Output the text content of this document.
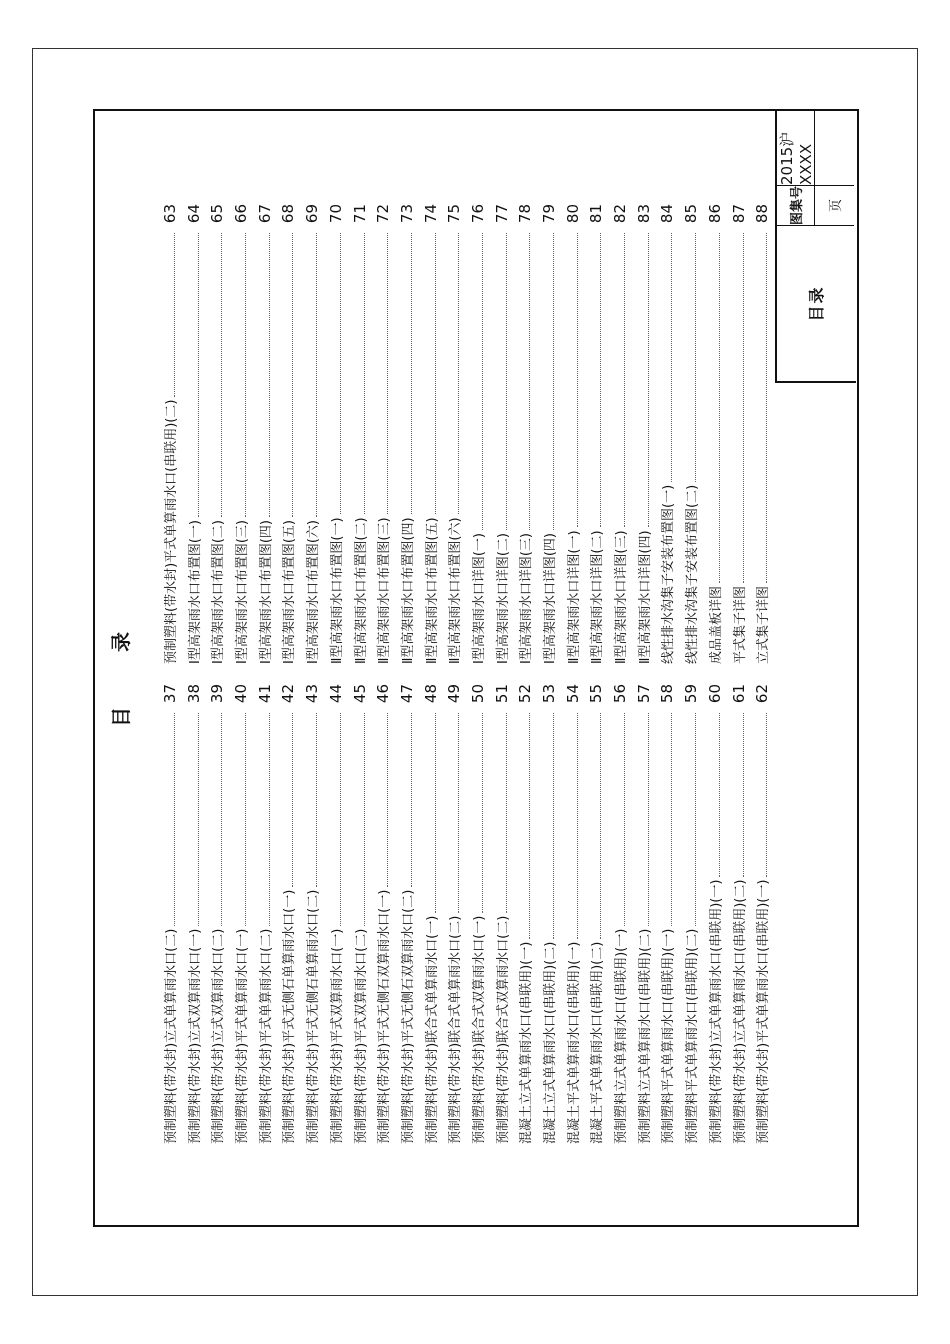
目 录
预制塑料(带水封)立式单算雨水口(二)
37
预制塑料(带水封)立式双算雨水口(一)
38
预制塑料(带水封)立式双算雨水口(二)
39
预制塑料(带水封)平式单算雨水口(一)
40
预制塑料(带水封)平式单算雨水口(二)
41
预制塑料(带水封)平式无侧石单算雨水口(一)
42
预制塑料(带水封)平式无侧石单算雨水口(二)
43
预制塑料(带水封)平式双算雨水口(一)
44
预制塑料(带水封)平式双算雨水口(二)
45
预制塑料(带水封)平式无侧石双算雨水口(一)
46
预制塑料(带水封)平式无侧石双算雨水口(二)
47
预制塑料(带水封)联合式单算雨水口(一)
48
预制塑料(带水封)联合式单算雨水口(二)
49
预制塑料(带水封)联合式双算雨水口(一)
50
预制塑料(带水封)联合式双算雨水口(二)
51
混凝土立式单算雨水口(串联用)(一)
52
混凝土立式单算雨水口(串联用)(二)
53
混凝土平式单算雨水口(串联用)(一)
54
混凝土平式单算雨水口(串联用)(二)
55
预制塑料立式单算雨水口(串联用)(一)
56
预制塑料立式单算雨水口(串联用)(二)
57
预制塑料平式单算雨水口(串联用)(一)
58
预制塑料平式单算雨水口(串联用)(二)
59
预制塑料(带水封)立式单算雨水口(串联用)(一)
60
预制塑料(带水封)立式单算雨水口(串联用)(二)
61
预制塑料(带水封)平式单算雨水口(串联用)(一)
62
预制塑料(带水封)平式单算雨水口(串联用)(二)
63
Ⅰ型高架雨水口布置图(一)
64
Ⅰ型高架雨水口布置图(二)
65
Ⅰ型高架雨水口布置图(三)
66
Ⅰ型高架雨水口布置图(四)
67
Ⅰ型高架雨水口布置图(五)
68
Ⅰ型高架雨水口布置图(六)
69
Ⅱ型高架雨水口布置图(一)
70
Ⅱ型高架雨水口布置图(二)
71
Ⅱ型高架雨水口布置图(三)
72
Ⅱ型高架雨水口布置图(四)
73
Ⅱ型高架雨水口布置图(五)
74
Ⅱ型高架雨水口布置图(六)
75
Ⅰ型高架雨水口详图(一)
76
Ⅰ型高架雨水口详图(二)
77
Ⅰ型高架雨水口详图(三)
78
Ⅰ型高架雨水口详图(四)
79
Ⅱ型高架雨水口详图(一)
80
Ⅱ型高架雨水口详图(二)
81
Ⅱ型高架雨水口详图(三)
82
Ⅱ型高架雨水口详图(四)
83
线性排水沟集子安装布置图(一)
84
线性排水沟集子安装布置图(二)
85
成品盖板详图
86
平式集子详图
87
立式集子详图
88
目录
图集号
2015沪XXXX
页
